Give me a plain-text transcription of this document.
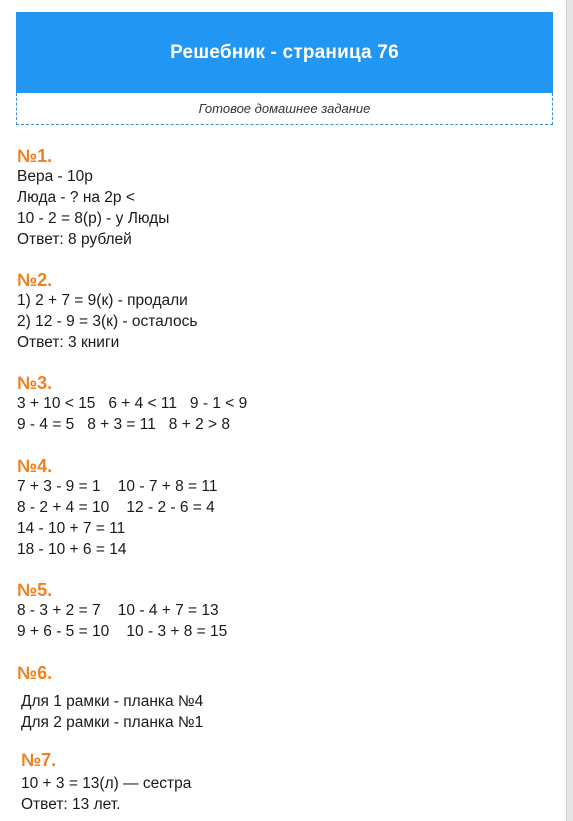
Решебник - страница 76
Готовое домашнее задание
№1.
Вера - 10р
Люда - ? на 2р <
10 - 2 = 8(р) - у Люды
Ответ: 8 рублей
№2.
1) 2 + 7 = 9(к) - продали
2) 12 - 9 = 3(к) - осталось
Ответ: 3 книги
№3.
3 + 10 < 15   6 + 4 < 11   9 - 1 < 9
9 - 4 = 5   8 + 3 = 11   8 + 2 > 8
№4.
7 + 3 - 9 = 1    10 - 7 + 8 = 11
8 - 2 + 4 = 10    12 - 2 - 6 = 4
14 - 10 + 7 = 11
18 - 10 + 6 = 14
№5.
8 - 3 + 2 = 7    10 - 4 + 7 = 13
9 + 6 - 5 = 10    10 - 3 + 8 = 15
№6.
Для 1 рамки - планка №4
Для 2 рамки - планка №1
№7.
10 + 3 = 13(л) — сестра
Ответ: 13 лет.
